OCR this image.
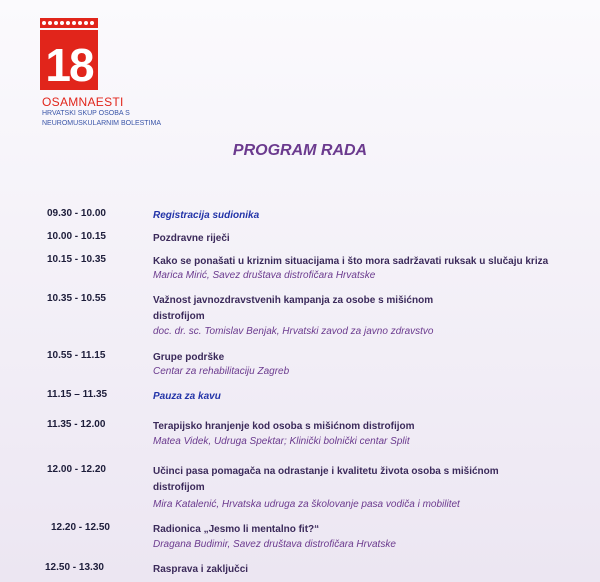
18
OSAMNAESTI
HRVATSKI SKUP OSOBA S
NEUROMUSKULARNIM BOLESTIMA
PROGRAM RADA
09.30 - 10.00	Registracija sudionika
10.00 - 10.15	Pozdravne riječi
10.15 - 10.35	Kako se ponašati u kriznim situacijama i što mora sadržavati ruksak u slučaju kriza
Marica Mirić, Savez društava distrofičara Hrvatske
10.35 - 10.55	Važnost javnozdravstvenih kampanja za osobe s mišićnom
distrofijom
doc. dr. sc. Tomislav Benjak, Hrvatski zavod za javno zdravstvo
10.55 - 11.15	Grupe podrške
Centar za rehabilitaciju Zagreb
11.15 – 11.35	Pauza za kavu
11.35 - 12.00	Terapijsko hranjenje kod osoba s mišićnom distrofijom
Matea Videk, Udruga Spektar; Klinički bolnički centar Split
12.00 - 12.20	Učinci pasa pomagača na odrastanje i kvalitetu života osoba s mišićnom
distrofijom
Mira Katalenić, Hrvatska udruga za školovanje pasa vodiča i mobilitet
12.20 - 12.50	Radionica „Jesmo li mentalno fit?“
Dragana Budimir, Savez društava distrofičara Hrvatske
12.50 - 13.30	Rasprava i zaključci
